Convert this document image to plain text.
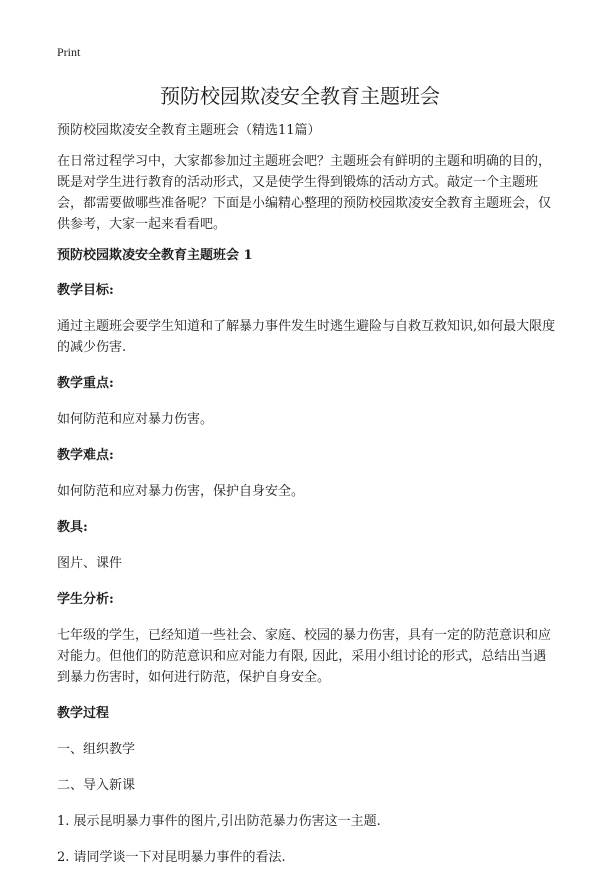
Print
预防校园欺凌安全教育主题班会

预防校园欺凌安全教育主题班会（精选11篇）

在日常过程学习中，大家都参加过主题班会吧？主题班会有鲜明的主题和明确的目的，既是对学生进行教育的活动形式，又是使学生得到锻炼的活动方式。敲定一个主题班会，都需要做哪些准备呢？下面是小编精心整理的预防校园欺凌安全教育主题班会，仅供参考，大家一起来看看吧。

预防校园欺凌安全教育主题班会 1

教学目标:

通过主题班会要学生知道和了解暴力事件发生时逃生避险与自救互救知识,如何最大限度的减少伤害.

教学重点:

如何防范和应对暴力伤害。

教学难点:

如何防范和应对暴力伤害，保护自身安全。

教具:

图片、课件

学生分析:

七年级的学生，已经知道一些社会、家庭、校园的暴力伤害，具有一定的防范意识和应对能力。但他们的防范意识和应对能力有限, 因此，采用小组讨论的形式，总结出当遇到暴力伤害时，如何进行防范，保护自身安全。

教学过程

一、组织教学

二、导入新课

1. 展示昆明暴力事件的图片,引出防范暴力伤害这一主题.

2. 请同学谈一下对昆明暴力事件的看法.
